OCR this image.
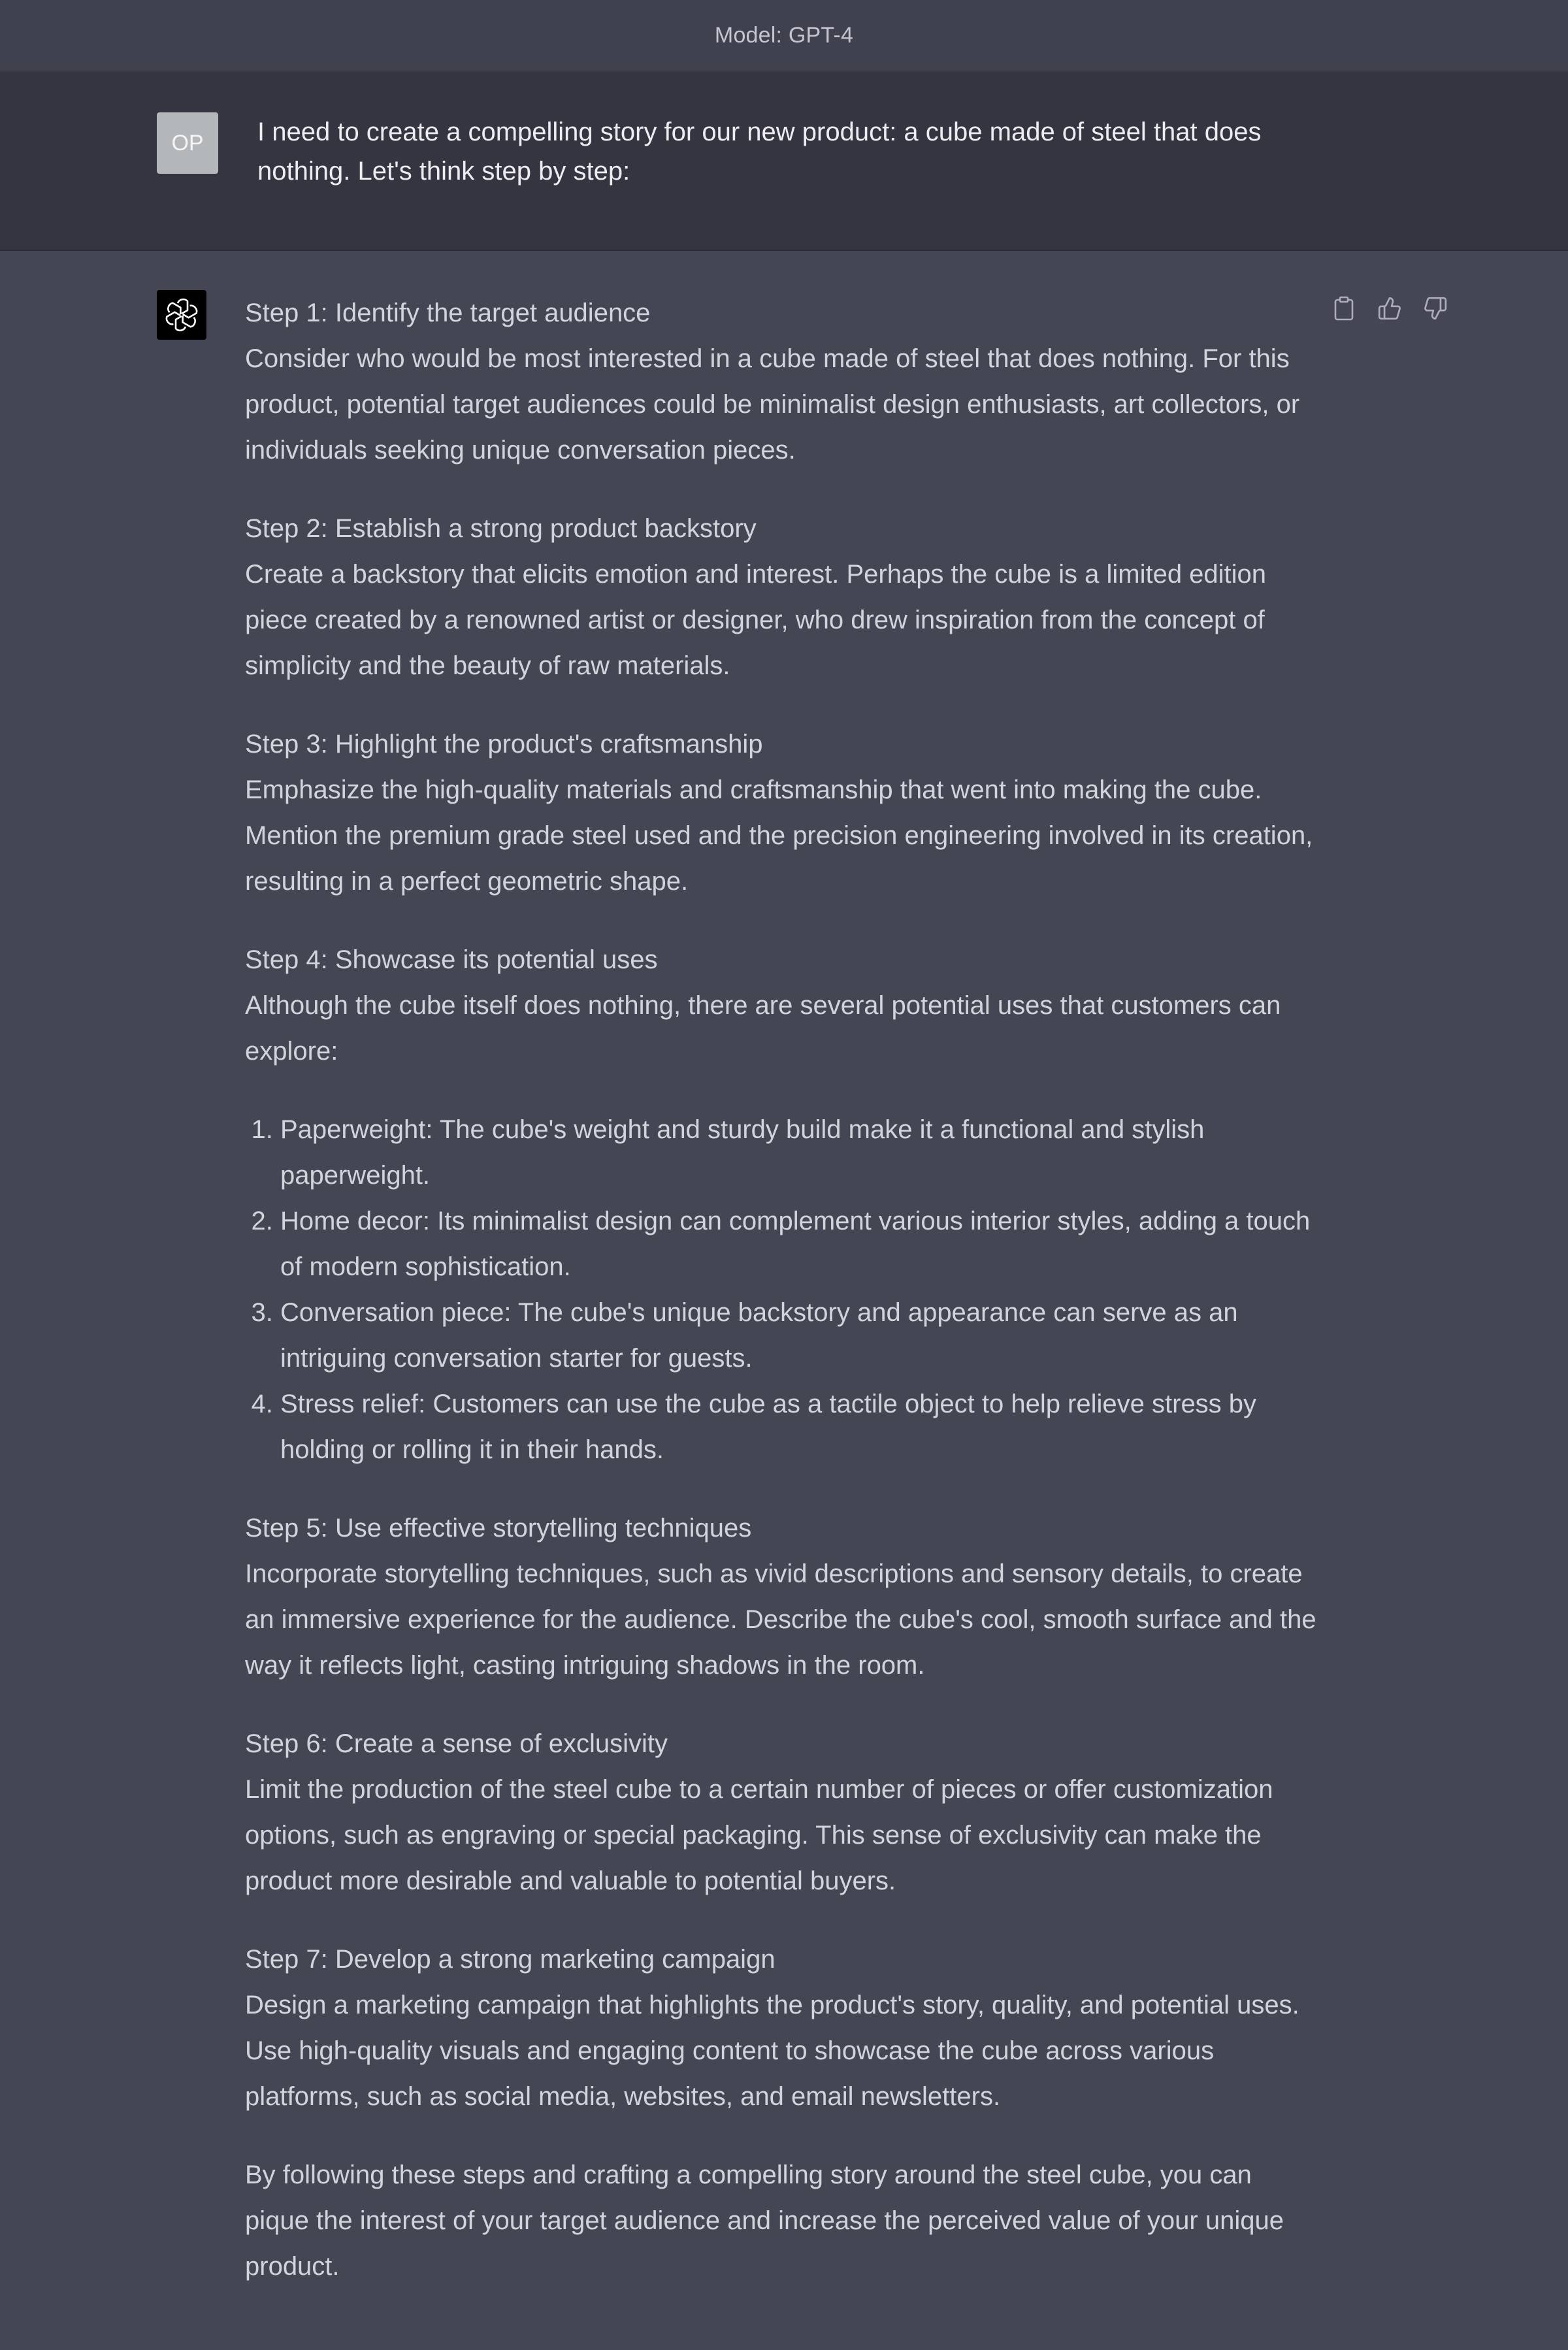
Model: GPT-4
OP I need to create a compelling story for our new product: a cube made of steel that does nothing. Let's think step by step:

Step 1: Identify the target audience
Consider who would be most interested in a cube made of steel that does nothing. For this product, potential target audiences could be minimalist design enthusiasts, art collectors, or individuals seeking unique conversation pieces.

Step 2: Establish a strong product backstory
Create a backstory that elicits emotion and interest. Perhaps the cube is a limited edition piece created by a renowned artist or designer, who drew inspiration from the concept of simplicity and the beauty of raw materials.

Step 3: Highlight the product's craftsmanship
Emphasize the high-quality materials and craftsmanship that went into making the cube. Mention the premium grade steel used and the precision engineering involved in its creation, resulting in a perfect geometric shape.

Step 4: Showcase its potential uses
Although the cube itself does nothing, there are several potential uses that customers can explore:

1. Paperweight: The cube's weight and sturdy build make it a functional and stylish paperweight.
2. Home decor: Its minimalist design can complement various interior styles, adding a touch of modern sophistication.
3. Conversation piece: The cube's unique backstory and appearance can serve as an intriguing conversation starter for guests.
4. Stress relief: Customers can use the cube as a tactile object to help relieve stress by holding or rolling it in their hands.

Step 5: Use effective storytelling techniques
Incorporate storytelling techniques, such as vivid descriptions and sensory details, to create an immersive experience for the audience. Describe the cube's cool, smooth surface and the way it reflects light, casting intriguing shadows in the room.

Step 6: Create a sense of exclusivity
Limit the production of the steel cube to a certain number of pieces or offer customization options, such as engraving or special packaging. This sense of exclusivity can make the product more desirable and valuable to potential buyers.

Step 7: Develop a strong marketing campaign
Design a marketing campaign that highlights the product's story, quality, and potential uses. Use high-quality visuals and engaging content to showcase the cube across various platforms, such as social media, websites, and email newsletters.

By following these steps and crafting a compelling story around the steel cube, you can pique the interest of your target audience and increase the perceived value of your unique product.
